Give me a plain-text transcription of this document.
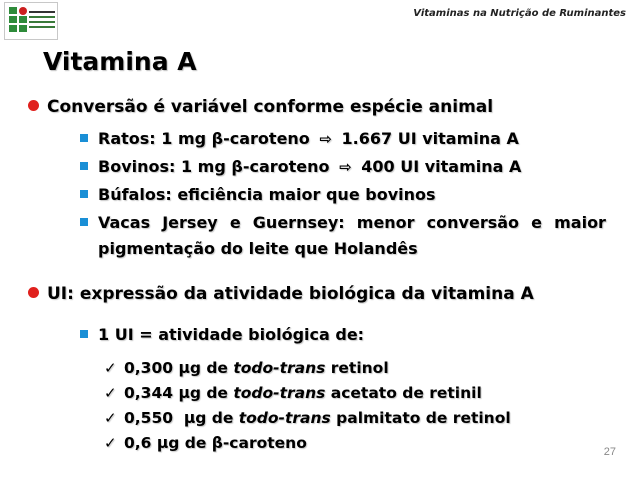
Vitaminas na Nutrição de Ruminantes
Vitamina A
Conversão é variável conforme espécie animal
Ratos: 1 mg β-caroteno ⇨ 1.667 UI vitamina A
Bovinos: 1 mg β-caroteno ⇨ 400 UI vitamina A
Búfalos: eficiência maior que bovinos
Vacas Jersey e Guernsey: menor conversão e maior
pigmentação do leite que Holandês
UI: expressão da atividade biológica da vitamina A
1 UI = atividade biológica de:
✓ 0,300 μg de todo-trans retinol
✓ 0,344 μg de todo-trans acetato de retinil
✓ 0,550  μg de todo-trans palmitato de retinol
✓ 0,6 μg de β-caroteno	27
